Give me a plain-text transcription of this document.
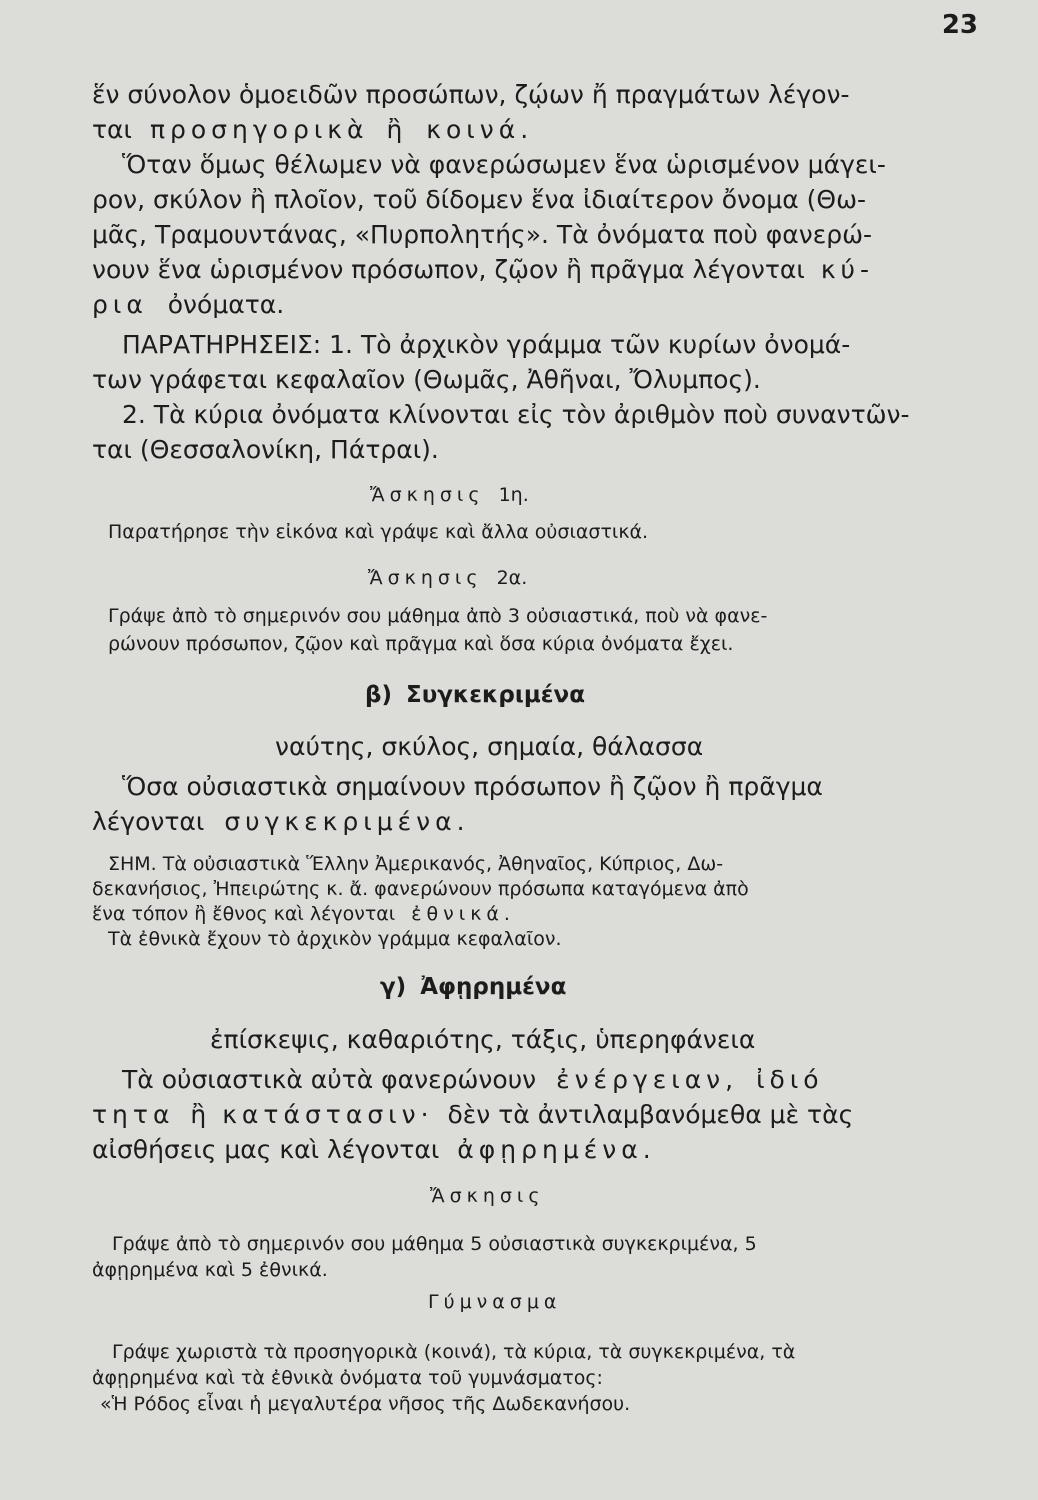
23
ἕν σύνολον ὁμοειδῶν προσώπων, ζῴων ἤ πραγμάτων λέγον-
ται προσηγορικὰ ἢ κοινά.
Ὅταν ὅμως θέλωμεν νὰ φανερώσωμεν ἕνα ὡρισμένον μάγει-
ρον, σκύλον ἢ πλοῖον, τοῦ δίδομεν ἕνα ἰδιαίτερον ὄνομα (Θω-
μᾶς, Τραμουντάνας, «Πυρπολητής». Τὰ ὀνόματα ποὺ φανερώ-
νουν ἕνα ὡρισμένον πρόσωπον, ζῷον ἢ πρᾶγμα λέγονται κύ-
ρια ὀνόματα.
ΠΑΡΑΤΗΡΗΣΕΙΣ: 1. Τὸ ἀρχικὸν γράμμα τῶν κυρίων ὀνομά-
των γράφεται κεφαλαῖον (Θωμᾶς, Ἀθῆναι, Ὄλυμπος).
2. Τὰ κύρια ὀνόματα κλίνονται εἰς τὸν ἀριθμὸν ποὺ συναντῶν-
ται (Θεσσαλονίκη, Πάτραι).
Ἄσκησις 1η.
Παρατήρησε τὴν εἰκόνα καὶ γράψε καὶ ἄλλα οὐσιαστικά.
Ἄσκησις 2α.
Γράψε ἀπὸ τὸ σημερινόν σου μάθημα ἀπὸ 3 οὐσιαστικά, ποὺ νὰ φανε-
ρώνουν πρόσωπον, ζῷον καὶ πρᾶγμα καὶ ὅσα κύρια ὀνόματα ἔχει.
β) Συγκεκριμένα
ναύτης, σκύλος, σημαία, θάλασσα
Ὅσα οὐσιαστικὰ σημαίνουν πρόσωπον ἢ ζῷον ἢ πρᾶγμα
λέγονται συγκεκριμένα.
ΣΗΜ. Τὰ οὐσιαστικὰ Ἕλλην Ἀμερικανός, Ἀθηναῖος, Κύπριος, Δω-
δεκανήσιος, Ἠπειρώτης κ. ἄ. φανερώνουν πρόσωπα καταγόμενα ἀπὸ
ἕνα τόπον ἢ ἔθνος καὶ λέγονται ἐθνικά.
Τὰ ἐθνικὰ ἔχουν τὸ ἀρχικὸν γράμμα κεφαλαῖον.
γ) Ἀφῃρημένα
ἐπίσκεψις, καθαριότης, τάξις, ὑπερηφάνεια
Τὰ οὐσιαστικὰ αὐτὰ φανερώνουν ἐνέργειαν, ἰδιό
τητα ἢ κατάστασιν· δὲν τὰ ἀντιλαμβανόμεθα μὲ τὰς
αἰσθήσεις μας καὶ λέγονται ἀφῃρημένα.
Ἄσκησις
Γράψε ἀπὸ τὸ σημερινόν σου μάθημα 5 οὐσιαστικὰ συγκεκριμένα, 5
ἀφῃρημένα καὶ 5 ἐθνικά.
Γύμνασμα
Γράψε χωριστὰ τὰ προσηγορικὰ (κοινά), τὰ κύρια, τὰ συγκεκριμένα, τὰ
ἀφῃρημένα καὶ τὰ ἐθνικὰ ὀνόματα τοῦ γυμνάσματος:
«Ἡ Ρόδος εἶναι ἡ μεγαλυτέρα νῆσος τῆς Δωδεκανήσου.
